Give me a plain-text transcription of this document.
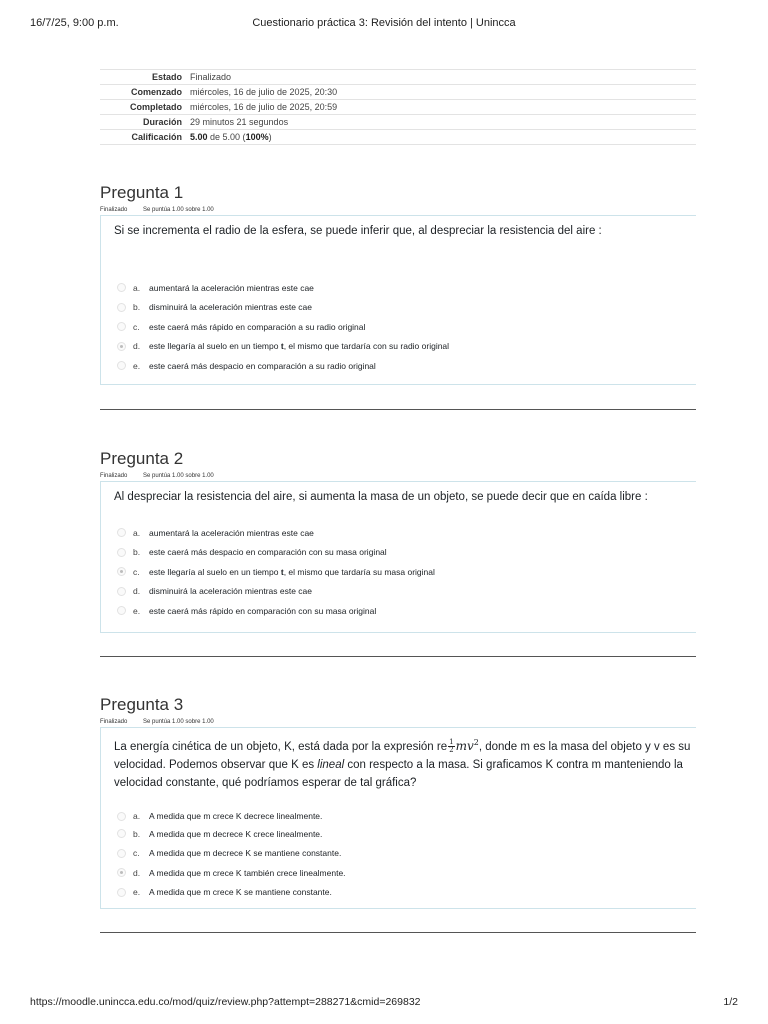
16/7/25, 9:00 p.m.	Cuestionario práctica 3: Revisión del intento | Unincca
Estado Finalizado
Comenzado miércoles, 16 de julio de 2025, 20:30
Completado miércoles, 16 de julio de 2025, 20:59
Duración 29 minutos 21 segundos
Calificación 5.00 de 5.00 (100%)
Pregunta 1
Finalizado	Se puntúa 1.00 sobre 1.00
Si se incrementa el radio de la esfera, se puede inferir que, al despreciar la resistencia del aire :
a.	aumentará la aceleración mientras este cae
b.	disminuirá la aceleración mientras este cae
c.	este caerá más rápido en comparación a su radio original
d.	este llegaría al suelo en un tiempo t, el mismo que tardaría con su radio original
e.	este caerá más despacio en comparación a su radio original
Pregunta 2
Finalizado	Se puntúa 1.00 sobre 1.00
Al despreciar la resistencia del aire, si aumenta la masa de un objeto, se puede decir que en caída libre :
a.	aumentará la aceleración mientras este cae
b.	este caerá más despacio en comparación con su masa original
c.	este llegaría al suelo en un tiempo t, el mismo que tardaría su masa original
d.	disminuirá la aceleración mientras este cae
e.	este caerá más rápido en comparación con su masa original
Pregunta 3
Finalizado	Se puntúa 1.00 sobre 1.00
La energía cinética de un objeto, K, está dada por la expresión re $\frac{1}{2} mv^2$, donde m es la masa del objeto y v es su velocidad. Podemos observar que K es lineal con respecto a la masa. Si graficamos K contra m manteniendo la velocidad constante, qué podríamos esperar de tal gráfica?
a.	A medida que m crece K decrece linealmente.
b.	A medida que m decrece K crece linealmente.
c.	A medida que m decrece K se mantiene constante.
d.	A medida que m crece K también crece linealmente.
e.	A medida que m crece K se mantiene constante.
https://moodle.unincca.edu.co/mod/quiz/review.php?attempt=288271&cmid=269832	1/2
